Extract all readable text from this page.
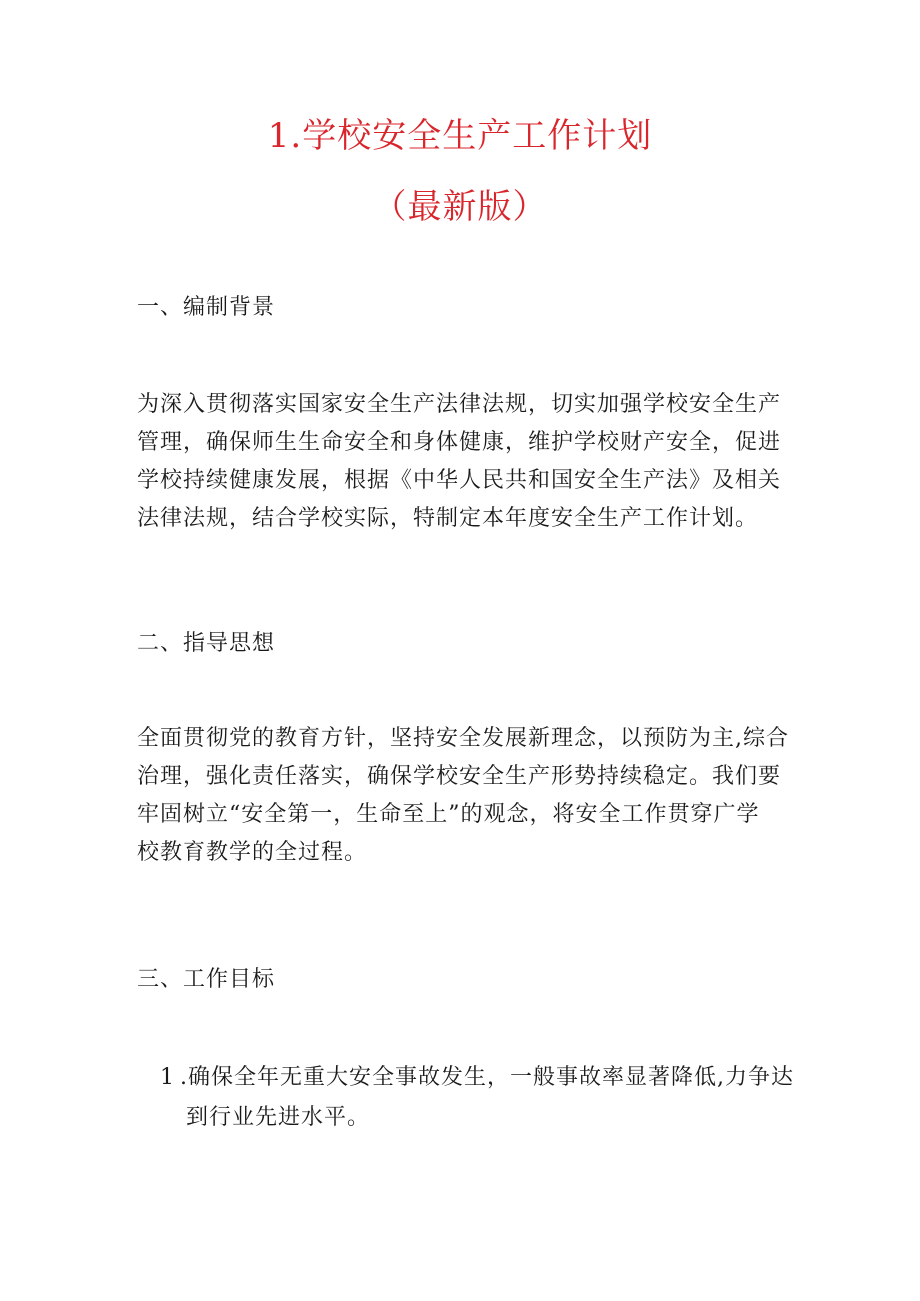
1.学校安全生产工作计划
（最新版）
一、编制背景
为深入贯彻落实国家安全生产法律法规，切实加强学校安全生产
管理，确保师生生命安全和身体健康，维护学校财产安全，促进
学校持续健康发展，根据《中华人民共和国安全生产法》及相关
法律法规，结合学校实际，特制定本年度安全生产工作计划。
二、指导思想
全面贯彻党的教育方针，坚持安全发展新理念，以预防为主,综合
治理，强化责任落实，确保学校安全生产形势持续稳定。我们要
牢固树立“安全第一，生命至上”的观念，将安全工作贯穿广学
校教育教学的全过程。
三、工作目标
1 .确保全年无重大安全事故发生，一般事故率显著降低,力争达
到行业先进水平。
